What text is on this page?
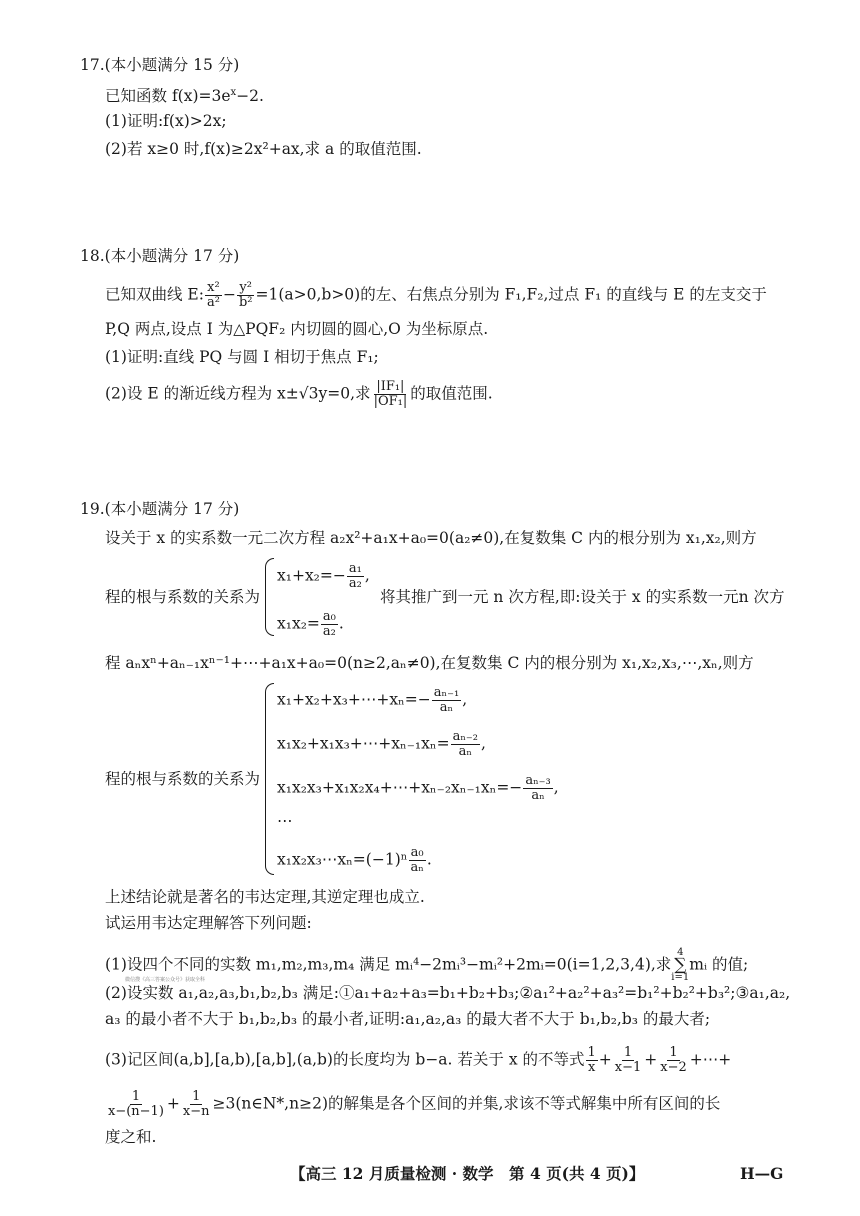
17.(本小题满分 15 分)
已知函数 $f(x)=3e^x-2$.
(1)证明:f(x)>2x;
(2)若 x≥0 时,f(x)≥2x²+ax,求 a 的取值范围.
18.(本小题满分 17 分)
已知双曲线 E: $\frac{\text{x²}}{\text{a²}} - \frac{\text{y²}}{\text{b²}} =1(a>0,b>0)$的左、右焦点分别为 F₁,F₂,过点 F₁ 的直线与 E 的左支交于
P,Q 两点,设点 I 为△PQF₂ 内切圆的圆心,O 为坐标原点.
(1)证明:直线 PQ 与圆 I 相切于焦点 F₁;
(2)设 E 的渐近线方程为 x±√3y=0,求 $\frac{\text{|IF₁|}}{\text{|OF₁|}}$ 的取值范围.
19.(本小题满分 17 分)
设关于 x 的实系数一元二次方程 a₂x²+a₁x+a₀=0(a₂≠0),在复数集 C 内的根分别为 x₁,x₂,则方
程的根与系数的关系为
$x_1+x_2=- \frac{\text{a₁}}{\text{a₂}}$ ,
$x_1x_2= \frac{\text{a₀}}{\text{a₂}}$ .
将其推广到一元 n 次方程,即:设关于 x 的实系数一元n 次方
程 aₙxⁿ+aₙ₋₁xⁿ⁻¹+⋯+a₁x+a₀=0(n≥2,aₙ≠0),在复数集 C 内的根分别为 x₁,x₂,x₃,⋯,xₙ,则方
程的根与系数的关系为
x₁+x₂+x₃+⋯+xₙ=− $\frac{\text{aₙ₋₁}}{\text{aₙ}}$ ,
x₁x₂+x₁x₃+⋯+xₙ₋₁xₙ= $\frac{\text{aₙ₋₂}}{\text{aₙ}}$ ,
x₁x₂x₃+x₁x₂x₄+⋯+xₙ₋₂xₙ₋₁xₙ=− $\frac{\text{aₙ₋₃}}{\text{aₙ}}$ ,
⋯
x₁x₂x₃⋯xₙ=(−1)ⁿ $\frac{\text{a₀}}{\text{aₙ}}$ .
上述结论就是著名的韦达定理,其逆定理也成立.
试运用韦达定理解答下列问题:
(1)设四个不同的实数 m₁,m₂,m₃,m₄ 满足 mᵢ⁴−2mᵢ³−mᵢ²+2mᵢ=0(i=1,2,3,4),求
4
∑
i=1
mᵢ 的值;
微信搜《高三答案公众号》获取全科
(2)设实数 a₁,a₂,a₃,b₁,b₂,b₃ 满足:①a₁+a₂+a₃=b₁+b₂+b₃;②a₁²+a₂²+a₃²=b₁²+b₂²+b₃²;③a₁,a₂,
a₃ 的最小者不大于 b₁,b₂,b₃ 的最小者,证明:a₁,a₂,a₃ 的最大者不大于 b₁,b₂,b₃ 的最大者;
(3)记区间(a,b],[a,b),[a,b],(a,b)的长度均为 b−a. 若关于 x 的不等式 $\frac{1}{x} + \frac{1}{x-1} + \frac{1}{x-2}$ +⋯+
$\frac{1}{x-(n-1)} + \frac{1}{x-n}$ ≥3(n∈N*,n≥2)的解集是各个区间的并集,求该不等式解集中所有区间的长
度之和.
【高三 12 月质量检测 · 数学　第 4 页(共 4 页)】	H—G
